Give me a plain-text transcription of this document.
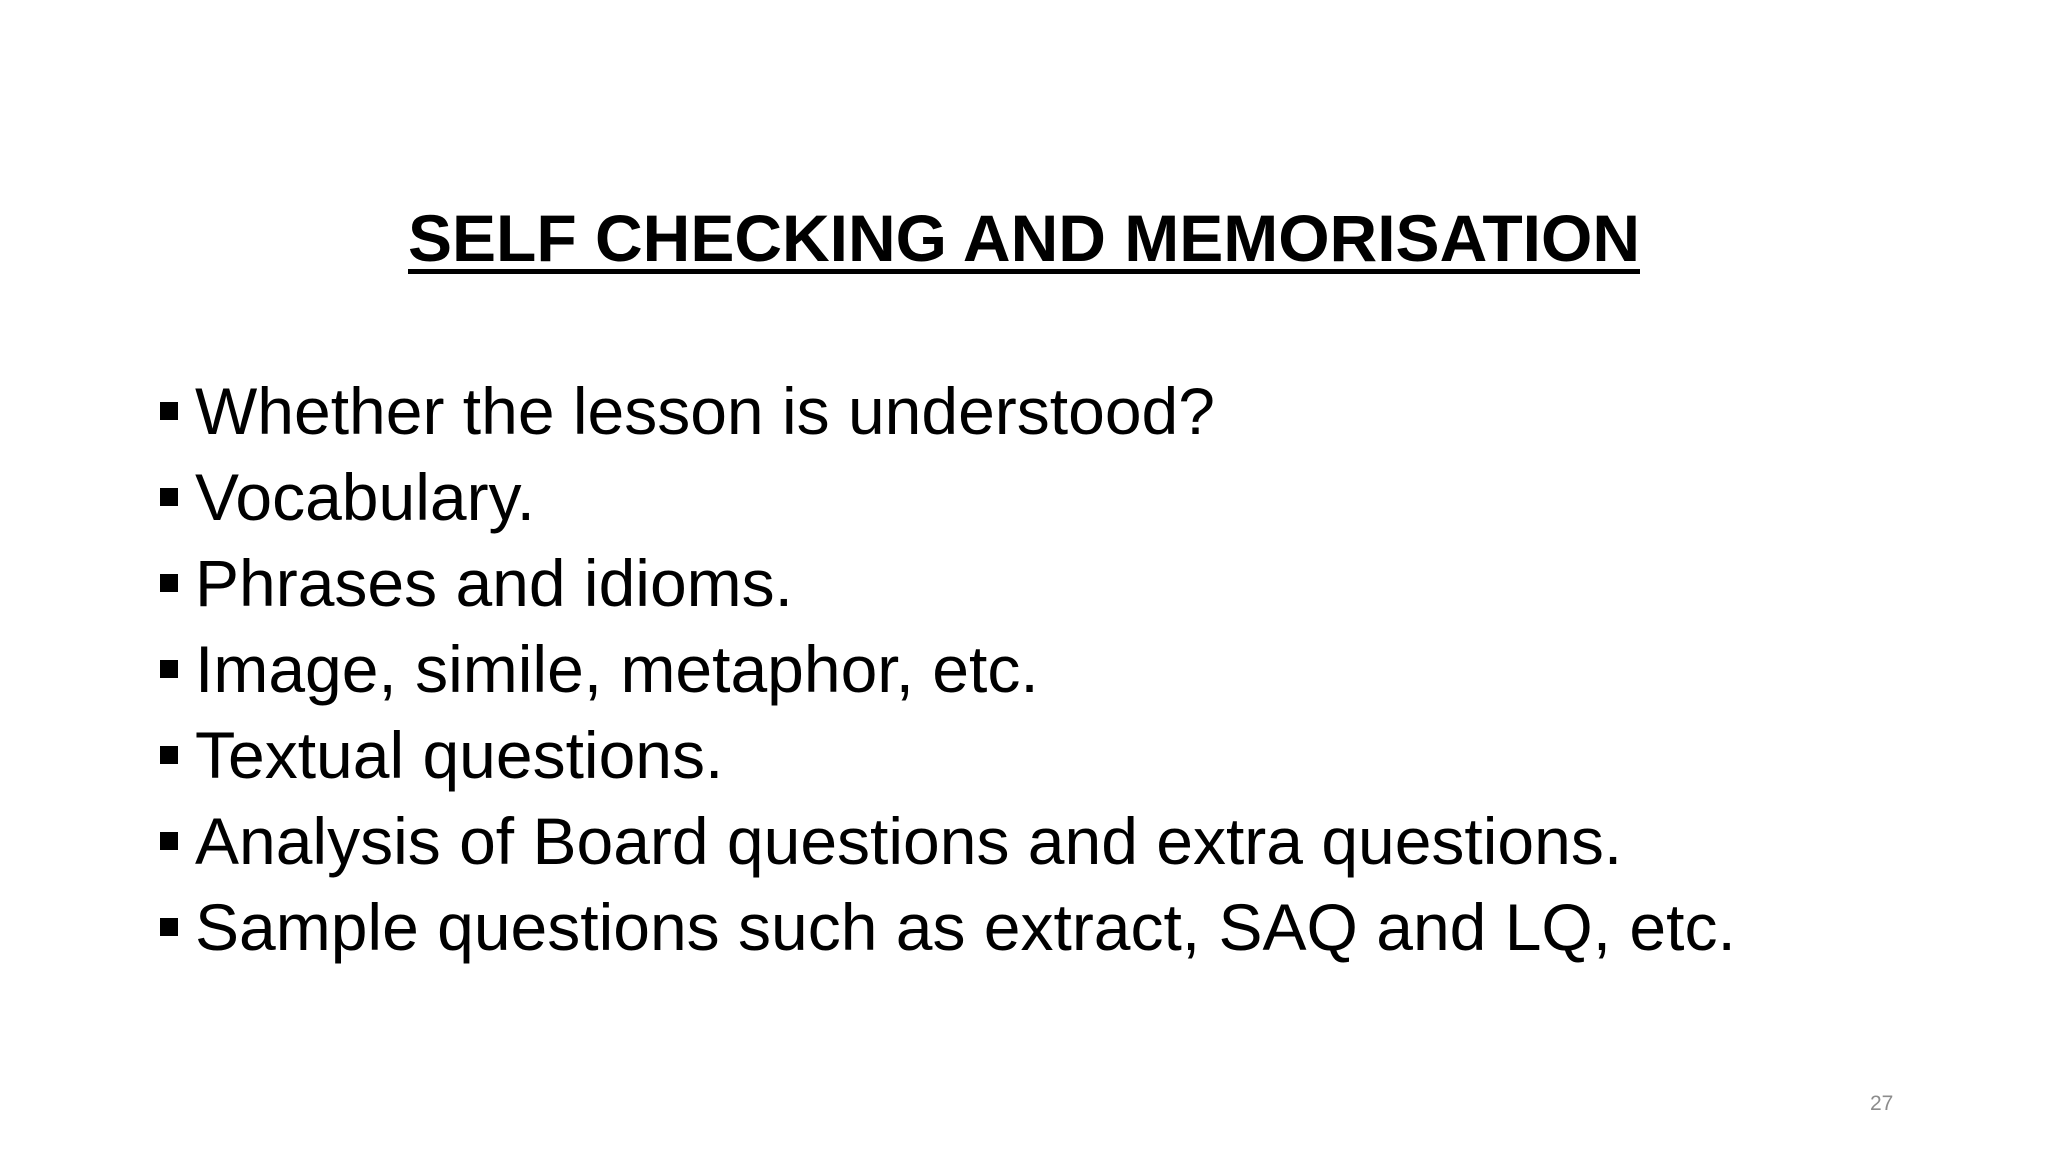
SELF CHECKING AND MEMORISATION
Whether the lesson is understood?
Vocabulary.
Phrases and idioms.
Image, simile, metaphor, etc.
Textual questions.
Analysis of Board questions and extra questions.
Sample questions such as extract, SAQ and LQ, etc.
27
